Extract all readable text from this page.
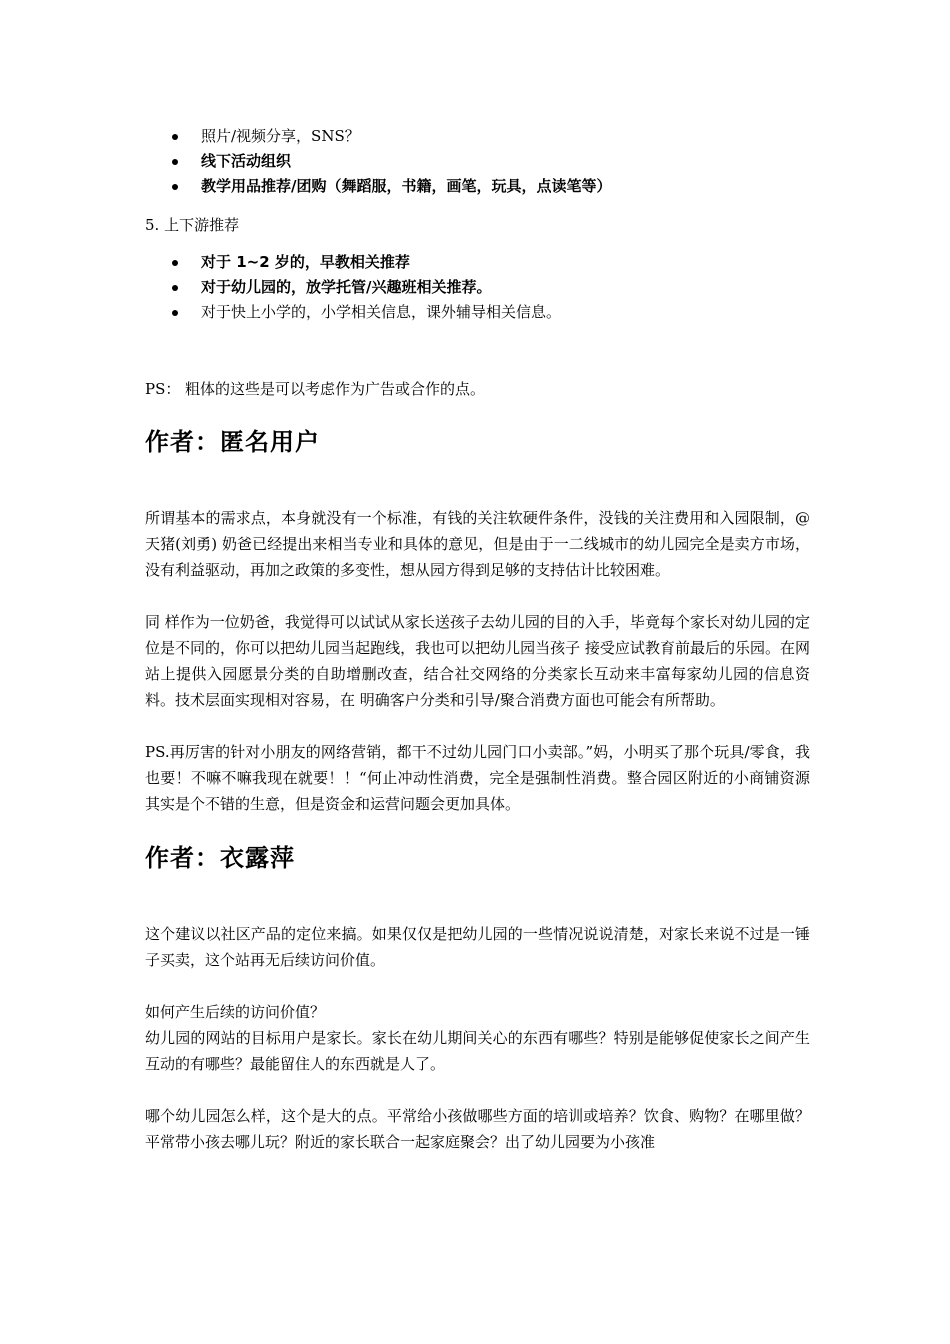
照片/视频分享，SNS？
线下活动组织
教学用品推荐/团购（舞蹈服，书籍，画笔，玩具，点读笔等）

5. 上下游推荐

对于 1~2 岁的，早教相关推荐
对于幼儿园的，放学托管/兴趣班相关推荐。
对于快上小学的，小学相关信息，课外辅导相关信息。

PS： 粗体的这些是可以考虑作为广告或合作的点。

作者：匿名用户

所谓基本的需求点，本身就没有一个标准，有钱的关注软硬件条件，没钱的关注费用和入园限制，@天猪(刘勇) 奶爸已经提出来相当专业和具体的意见，但是由于一二线城市的幼儿园完全是卖方市场，没有利益驱动，再加之政策的多变性，想从园方得到足够的支持估计比较困难。

同 样作为一位奶爸，我觉得可以试试从家长送孩子去幼儿园的目的入手，毕竟每个家长对幼儿园的定位是不同的，你可以把幼儿园当起跑线，我也可以把幼儿园当孩子 接受应试教育前最后的乐园。在网站上提供入园愿景分类的自助增删改查，结合社交网络的分类家长互动来丰富每家幼儿园的信息资料。技术层面实现相对容易，在 明确客户分类和引导/聚合消费方面也可能会有所帮助。

PS.再厉害的针对小朋友的网络营销，都干不过幼儿园门口小卖部。”妈，小明买了那个玩具/零食，我也要！不嘛不嘛我现在就要！！“何止冲动性消费，完全是强制性消费。整合园区附近的小商铺资源其实是个不错的生意，但是资金和运营问题会更加具体。

作者：衣露萍

这个建议以社区产品的定位来搞。如果仅仅是把幼儿园的一些情况说说清楚，对家长来说不过是一锤子买卖，这个站再无后续访问价值。

如何产生后续的访问价值？

幼儿园的网站的目标用户是家长。家长在幼儿期间关心的东西有哪些？特别是能够促使家长之间产生互动的有哪些？最能留住人的东西就是人了。

哪个幼儿园怎么样，这个是大的点。平常给小孩做哪些方面的培训或培养？饮食、购物？在哪里做？平常带小孩去哪儿玩？附近的家长联合一起家庭聚会？出了幼儿园要为小孩准
